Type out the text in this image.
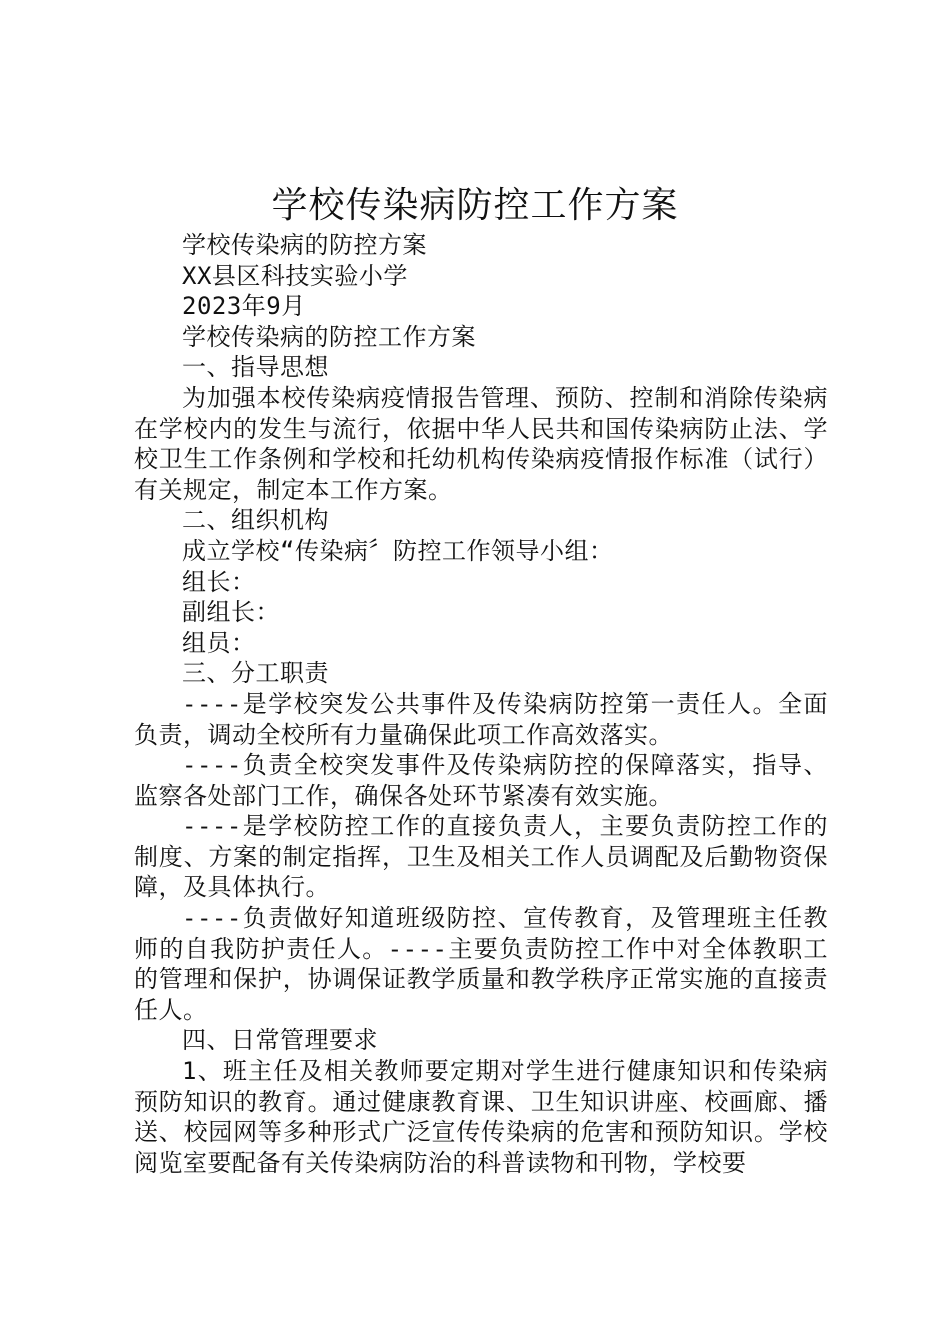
学校传染病防控工作方案

学校传染病的防控方案

XX县区科技实验小学

2023年9月

学校传染病的防控工作方案

一、指导思想

为加强本校传染病疫情报告管理、预防、控制和消除传染病在学校内的发生与流行，依据中华人民共和国传染病防止法、学校卫生工作条例和学校和托幼机构传染病疫情报作标准（试行）有关规定，制定本工作方案。

二、组织机构

成立学校“传染病〞防控工作领导小组：

组长：

副组长：

组员：

三、分工职责

----是学校突发公共事件及传染病防控第一责任人。全面负责，调动全校所有力量确保此项工作高效落实。

----负责全校突发事件及传染病防控的保障落实，指导、监察各处部门工作，确保各处环节紧凑有效实施。

----是学校防控工作的直接负责人，主要负责防控工作的制度、方案的制定指挥，卫生及相关工作人员调配及后勤物资保障，及具体执行。

----负责做好知道班级防控、宣传教育，及管理班主任教师的自我防护责任人。----主要负责防控工作中对全体教职工的管理和保护，协调保证教学质量和教学秩序正常实施的直接责任人。

四、日常管理要求

1、班主任及相关教师要定期对学生进行健康知识和传染病预防知识的教育。通过健康教育课、卫生知识讲座、校画廊、播送、校园网等多种形式广泛宣传传染病的危害和预防知识。学校阅览室要配备有关传染病防治的科普读物和刊物，学校要
